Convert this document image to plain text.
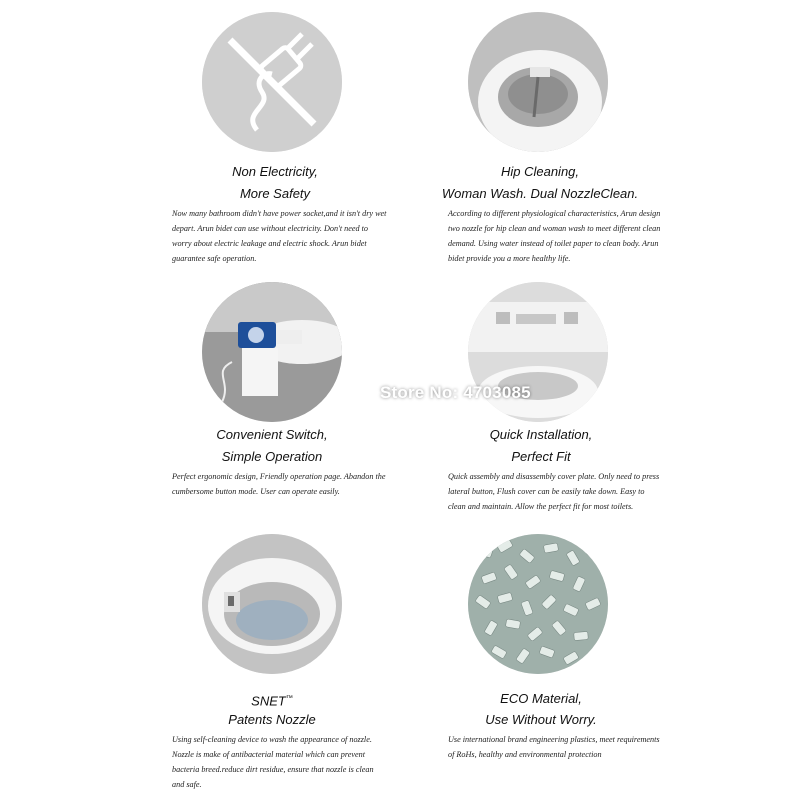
Non Electricity,
More Safety
Now many bathroom didn't have power socket,and it isn't dry wet depart. Arun bidet can use without electricity. Don't need to worry about electric leakage and electric shock. Arun bidet guarantee safe operation.
Hip Cleaning,
Woman Wash. Dual NozzleClean.
According to different physiological characteristics, Arun design two nozzle for hip clean and woman wash to meet different clean demand. Using water instead of toilet paper to clean body. Arun bidet provide you a more healthy life.
Convenient Switch,
Simple Operation
Perfect ergonomic design, Friendly operation page. Abandon the cumbersome button mode. User can operate easily.
Quick Installation,
Perfect Fit
Quick assembly and disassembly cover plate. Only need to press lateral button, Flush cover can be easily take down. Easy to clean and maintain. Allow the perfect fit for most toilets.
Store No: 4703085
SNET™
Patents Nozzle
Using self-cleaning device to wash the appearance of nozzle. Nozzle is make of antibacterial material which can prevent bacteria breed.reduce dirt residue, ensure that nozzle is clean and safe.
ECO Material,
Use Without Worry.
Use international brand engineering plastics, meet requirements of RoHs, healthy and environmental protection
